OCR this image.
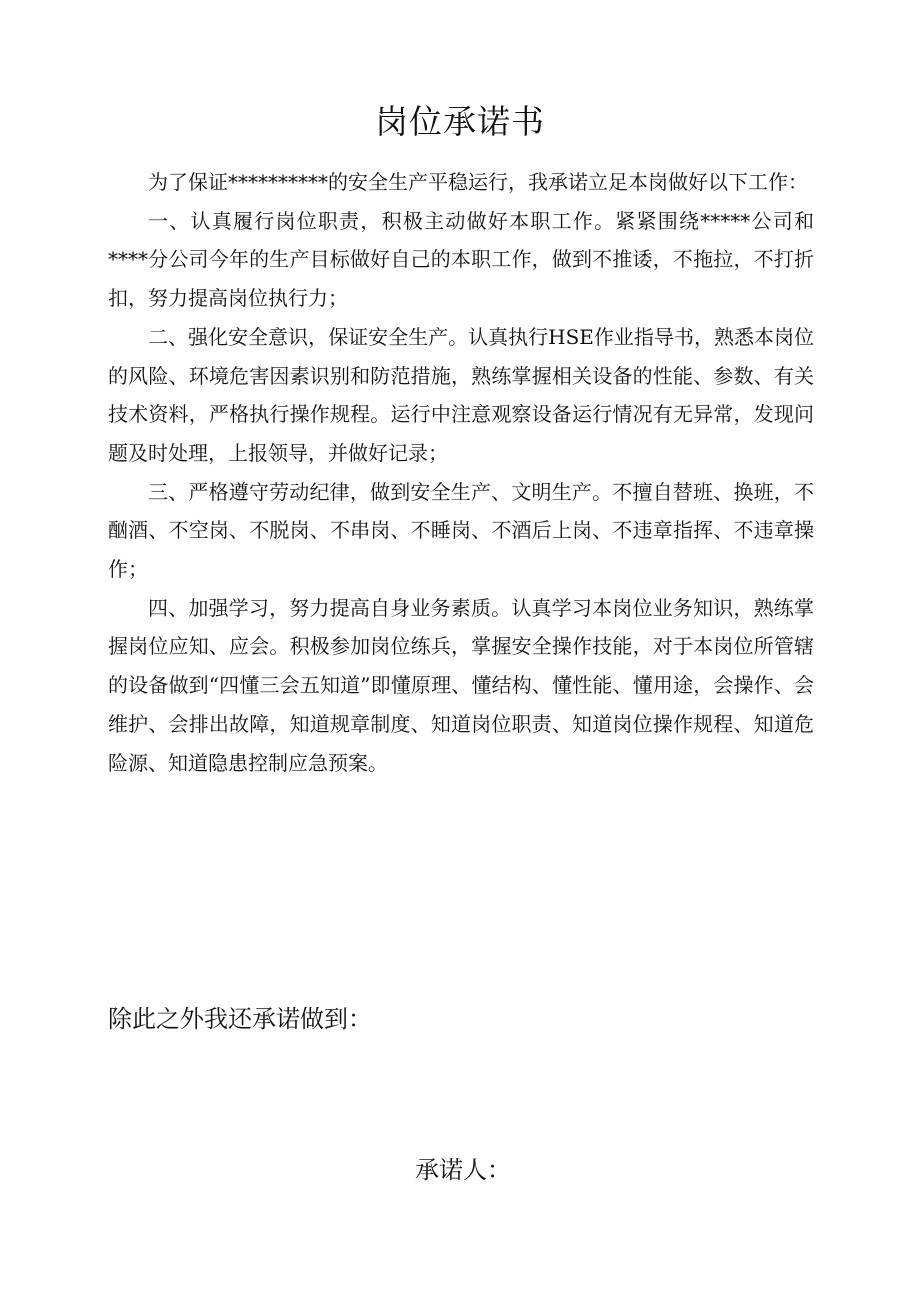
岗位承诺书

为了保证**********的安全生产平稳运行，我承诺立足本岗做好以下工作：

一、认真履行岗位职责，积极主动做好本职工作。紧紧围绕*****公司和****分公司今年的生产目标做好自己的本职工作，做到不推诿，不拖拉，不打折扣，努力提高岗位执行力；

二、强化安全意识，保证安全生产。认真执行HSE作业指导书，熟悉本岗位的风险、环境危害因素识别和防范措施，熟练掌握相关设备的性能、参数、有关技术资料，严格执行操作规程。运行中注意观察设备运行情况有无异常，发现问题及时处理，上报领导，并做好记录；

三、严格遵守劳动纪律，做到安全生产、文明生产。不擅自替班、换班，不酗酒、不空岗、不脱岗、不串岗、不睡岗、不酒后上岗、不违章指挥、不违章操作；

四、加强学习，努力提高自身业务素质。认真学习本岗位业务知识，熟练掌握岗位应知、应会。积极参加岗位练兵，掌握安全操作技能，对于本岗位所管辖的设备做到“四懂三会五知道”即懂原理、懂结构、懂性能、懂用途，会操作、会维护、会排出故障，知道规章制度、知道岗位职责、知道岗位操作规程、知道危险源、知道隐患控制应急预案。

除此之外我还承诺做到：

承诺人：
